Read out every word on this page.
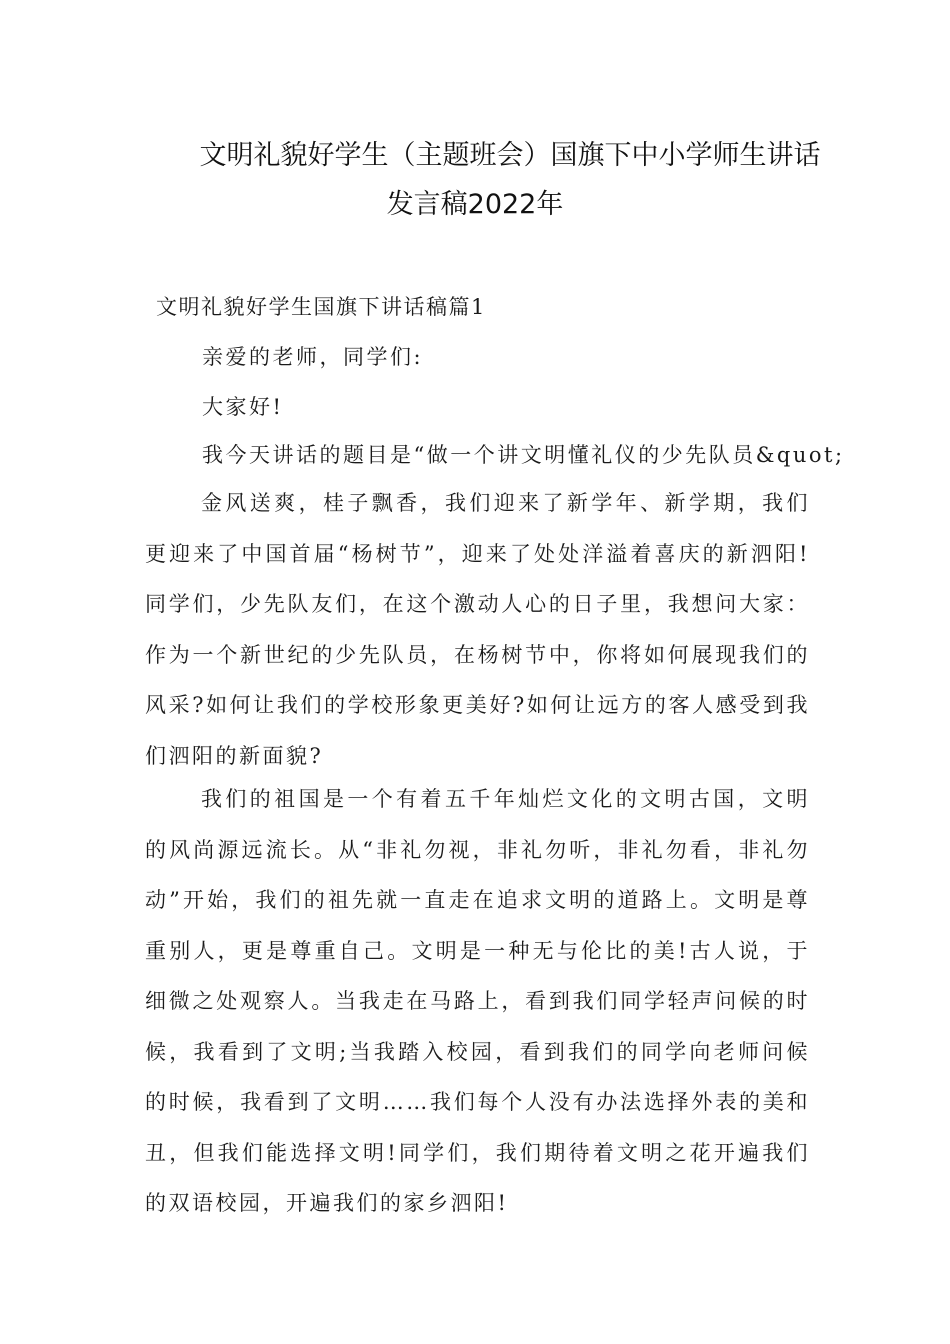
文明礼貌好学生（主题班会）国旗下中小学师生讲话
发言稿2022年
文明礼貌好学生国旗下讲话稿篇1
亲爱的老师，同学们:
大家好!
我今天讲话的题目是“做一个讲文明懂礼仪的少先队员&quot;
金风送爽，桂子飘香，我们迎来了新学年、新学期，我们更迎来了中国首届“杨树节”，迎来了处处洋溢着喜庆的新泗阳!同学们，少先队友们，在这个激动人心的日子里，我想问大家：作为一个新世纪的少先队员，在杨树节中，你将如何展现我们的风采?如何让我们的学校形象更美好?如何让远方的客人感受到我们泗阳的新面貌?
我们的祖国是一个有着五千年灿烂文化的文明古国，文明的风尚源远流长。从“非礼勿视，非礼勿听，非礼勿看，非礼勿动”开始，我们的祖先就一直走在追求文明的道路上。文明是尊重别人，更是尊重自己。文明是一种无与伦比的美!古人说，于细微之处观察人。当我走在马路上，看到我们同学轻声问候的时候，我看到了文明;当我踏入校园，看到我们的同学向老师问候的时候，我看到了文明……我们每个人没有办法选择外表的美和丑，但我们能选择文明!同学们，我们期待着文明之花开遍我们的双语校园，开遍我们的家乡泗阳!
